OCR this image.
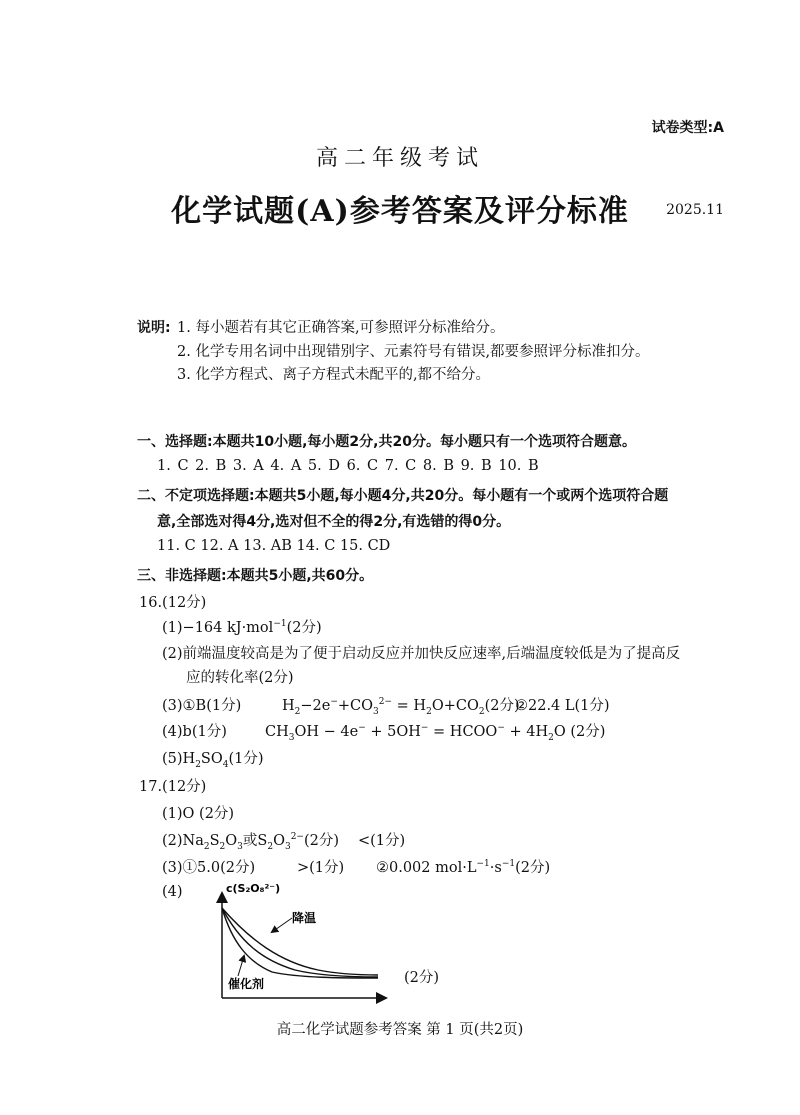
试卷类型:A
高二年级考试
化学试题(A)参考答案及评分标准	2025.11
说明: 1. 每小题若有其它正确答案,可参照评分标准给分。
2. 化学专用名词中出现错别字、元素符号有错误,都要参照评分标准扣分。
3. 化学方程式、离子方程式未配平的,都不给分。
一、选择题:本题共10小题,每小题2分,共20分。每小题只有一个选项符合题意。
1. C 2. B 3. A 4. A 5. D 6. C 7. C 8. B 9. B 10. B
二、不定项选择题:本题共5小题,每小题4分,共20分。每小题有一个或两个选项符合题
意,全部选对得4分,选对但不全的得2分,有选错的得0分。
11. C 12. A 13. AB 14. C 15. CD
三、非选择题:本题共5小题,共60分。
16.(12分)
(1)−164 kJ·mol$^{-1}$(2分)
(2)前端温度较高是为了便于启动反应并加快反应速率,后端温度较低是为了提高反
应的转化率(2分)
(3)①B(1分)	$H_2-2e^-+CO_3^{2-} = H_2O+CO_2(2$分)
②22.4 L(1分)
(4)b(1分)	$CH_3OH - 4e^- + 5OH^-$ = HCOO− + $4H_2O$ (2分)
$(5)H_2SO_4(1$分)
17.(12分)
(1)O (2分)
$(2)Na_2S_2O_3$或$S_2O_3^{2-}(2$分) <(1分)
(3)①5.0(2分)	>(1分) ②0.002 $mol\cdot L^{-1}\cdot s^{-1}(2$分)
(4)	c(S₂O₈²⁻)
降温
催化剂	(2分)
高二化学试题参考答案 第 1 页(共2页)
